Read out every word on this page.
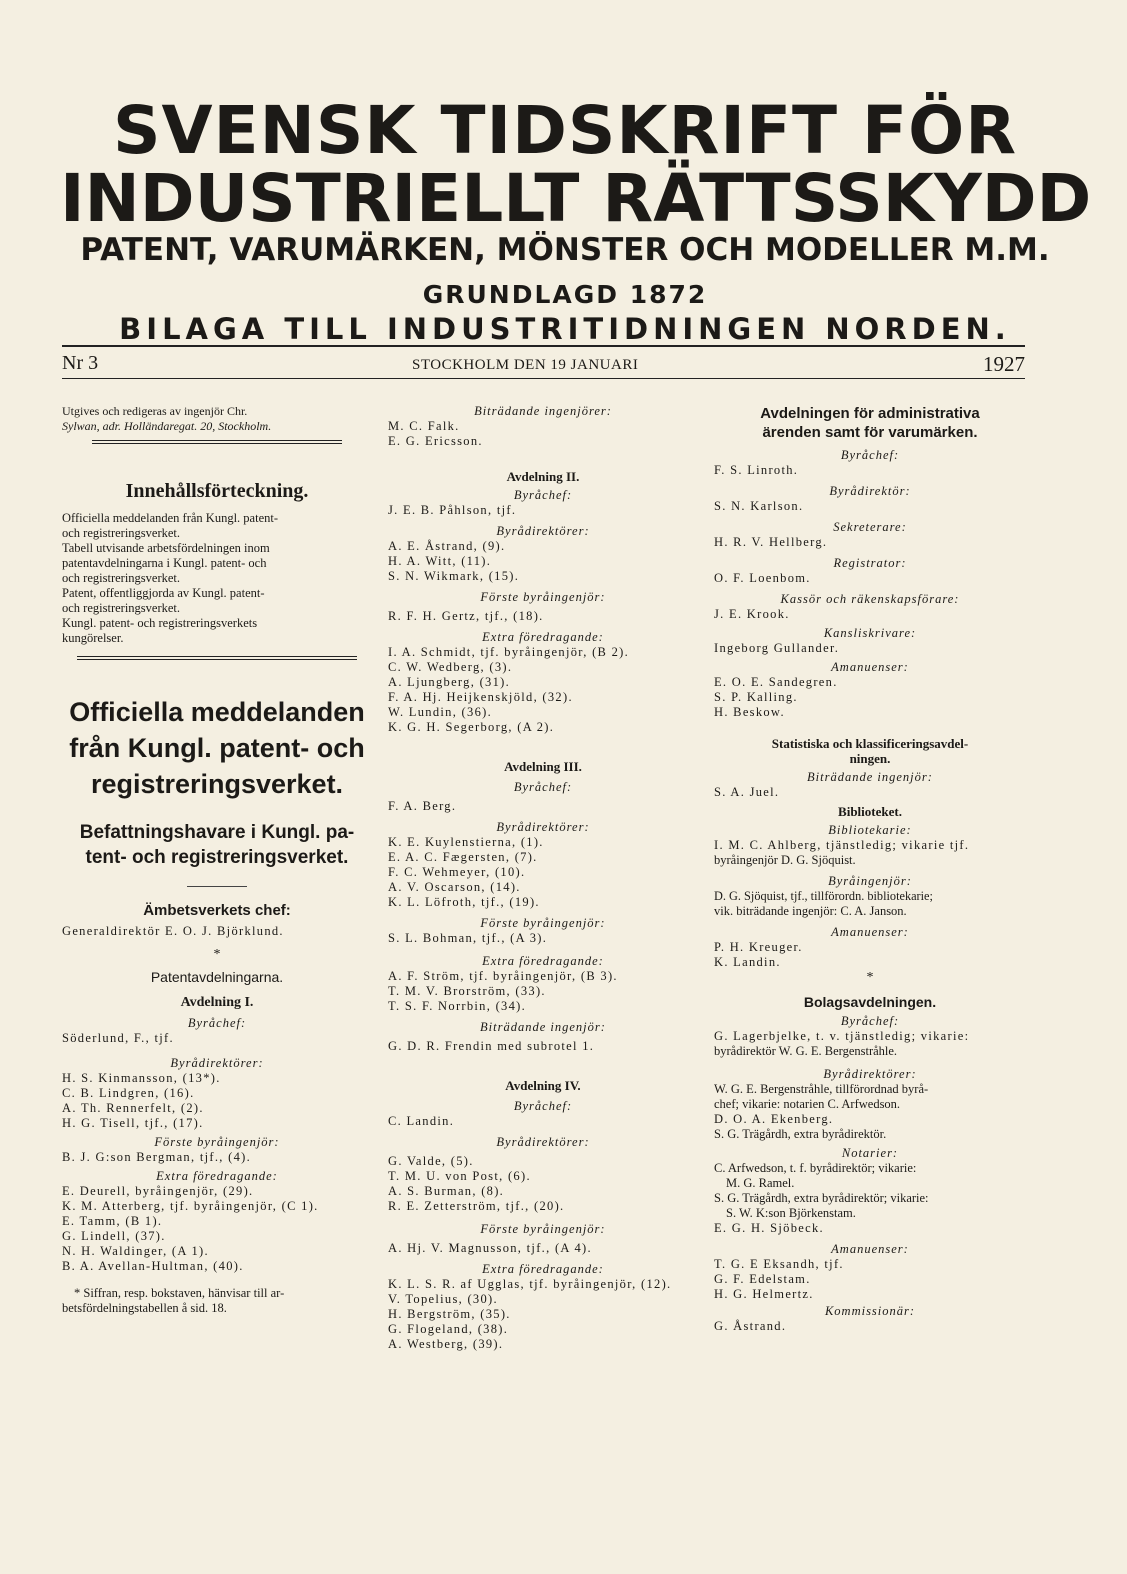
SVENSK TIDSKRIFT FÖR
INDUSTRIELLT RÄTTSSKYDD
PATENT, VARUMÄRKEN, MÖNSTER OCH MODELLER M.M.
GRUNDLAGD 1872
BILAGA TILL INDUSTRITIDNINGEN NORDEN.
Nr 3	STOCKHOLM DEN 19 JANUARI	1927
Utgives och redigeras av ingenjör Chr.
Sylwan, adr. Holländaregat. 20, Stockholm.
Innehållsförteckning.
Officiella meddelanden från Kungl. patent-
och registreringsverket.
Tabell utvisande arbetsfördelningen inom
patentavdelningarna i Kungl. patent- och
och registreringsverket.
Patent, offentliggjorda av Kungl. patent-
och registreringsverket.
Kungl. patent- och registreringsverkets
kungörelser.
Officiella meddelanden
från Kungl. patent- och
registreringsverket.
Befattningshavare i Kungl. pa-
tent- och registreringsverket.
Ämbetsverkets chef:
Generaldirektör E. O. J. Björklund.
*
Patentavdelningarna.
Avdelning I.
Byråchef:
Söderlund, F., tjf.
Byrådirektörer:
H. S. Kinmansson, (13*).
C. B. Lindgren, (16).
A. Th. Rennerfelt, (2).
H. G. Tisell, tjf., (17).
Förste byråingenjör:
B. J. G:son Bergman, tjf., (4).
Extra föredragande:
E. Deurell, byråingenjör, (29).
K. M. Atterberg, tjf. byråingenjör, (C 1).
E. Tamm, (B 1).
G. Lindell, (37).
N. H. Waldinger, (A 1).
B. A. Avellan-Hultman, (40).
* Siffran, resp. bokstaven, hänvisar till ar-
betsfördelningstabellen å sid. 18.
Biträdande ingenjörer:
M. C. Falk.
E. G. Ericsson.
Avdelning II.
Byråchef:
J. E. B. Påhlson, tjf.
Byrådirektörer:
A. E. Åstrand, (9).
H. A. Witt, (11).
S. N. Wikmark, (15).
Förste byråingenjör:
R. F. H. Gertz, tjf., (18).
Extra föredragande:
I. A. Schmidt, tjf. byråingenjör, (B 2).
C. W. Wedberg, (3).
A. Ljungberg, (31).
F. A. Hj. Heijkenskjöld, (32).
W. Lundin, (36).
K. G. H. Segerborg, (A 2).
Avdelning III.
Byråchef:
F. A. Berg.
Byrådirektörer:
K. E. Kuylenstierna, (1).
E. A. C. Fægersten, (7).
F. C. Wehmeyer, (10).
A. V. Oscarson, (14).
K. L. Löfroth, tjf., (19).
Förste byråingenjör:
S. L. Bohman, tjf., (A 3).
Extra föredragande:
A. F. Ström, tjf. byråingenjör, (B 3).
T. M. V. Brorström, (33).
T. S. F. Norrbin, (34).
Biträdande ingenjör:
G. D. R. Frendin med subrotel 1.
Avdelning IV.
Byråchef:
C. Landin.
Byrådirektörer:
G. Valde, (5).
T. M. U. von Post, (6).
A. S. Burman, (8).
R. E. Zetterström, tjf., (20).
Förste byråingenjör:
A. Hj. V. Magnusson, tjf., (A 4).
Extra föredragande:
K. L. S. R. af Ugglas, tjf. byråingenjör, (12).
V. Topelius, (30).
H. Bergström, (35).
G. Flogeland, (38).
A. Westberg, (39).
Avdelningen för administrativa
ärenden samt för varumärken.
Byråchef:
F. S. Linroth.
Byrådirektör:
S. N. Karlson.
Sekreterare:
H. R. V. Hellberg.
Registrator:
O. F. Loenbom.
Kassör och räkenskapsförare:
J. E. Krook.
Kansliskrivare:
Ingeborg Gullander.
Amanuenser:
E. O. E. Sandegren.
S. P. Kalling.
H. Beskow.
Statistiska och klassificeringsavdel-
ningen.
Biträdande ingenjör:
S. A. Juel.
Biblioteket.
Bibliotekarie:
I. M. C. Ahlberg, tjänstledig; vikarie tjf.
byråingenjör D. G. Sjöquist.
Byråingenjör:
D. G. Sjöquist, tjf., tillförordn. bibliotekarie;
vik. biträdande ingenjör: C. A. Janson.
Amanuenser:
P. H. Kreuger.
K. Landin.
*
Bolagsavdelningen.
Byråchef:
G. Lagerbjelke, t. v. tjänstledig; vikarie:
byrådirektör W. G. E. Bergenstråhle.
Byrådirektörer:
W. G. E. Bergenstråhle, tillförordnad byrå-
chef; vikarie: notarien C. Arfwedson.
D. O. A. Ekenberg.
S. G. Trägårdh, extra byrådirektör.
Notarier:
C. Arfwedson, t. f. byrådirektör; vikarie:
M. G. Ramel.
S. G. Trägårdh, extra byrådirektör; vikarie:
S. W. K:son Björkenstam.
E. G. H. Sjöbeck.
Amanuenser:
T. G. E Eksandh, tjf.
G. F. Edelstam.
H. G. Helmertz.
Kommissionär:
G. Åstrand.
